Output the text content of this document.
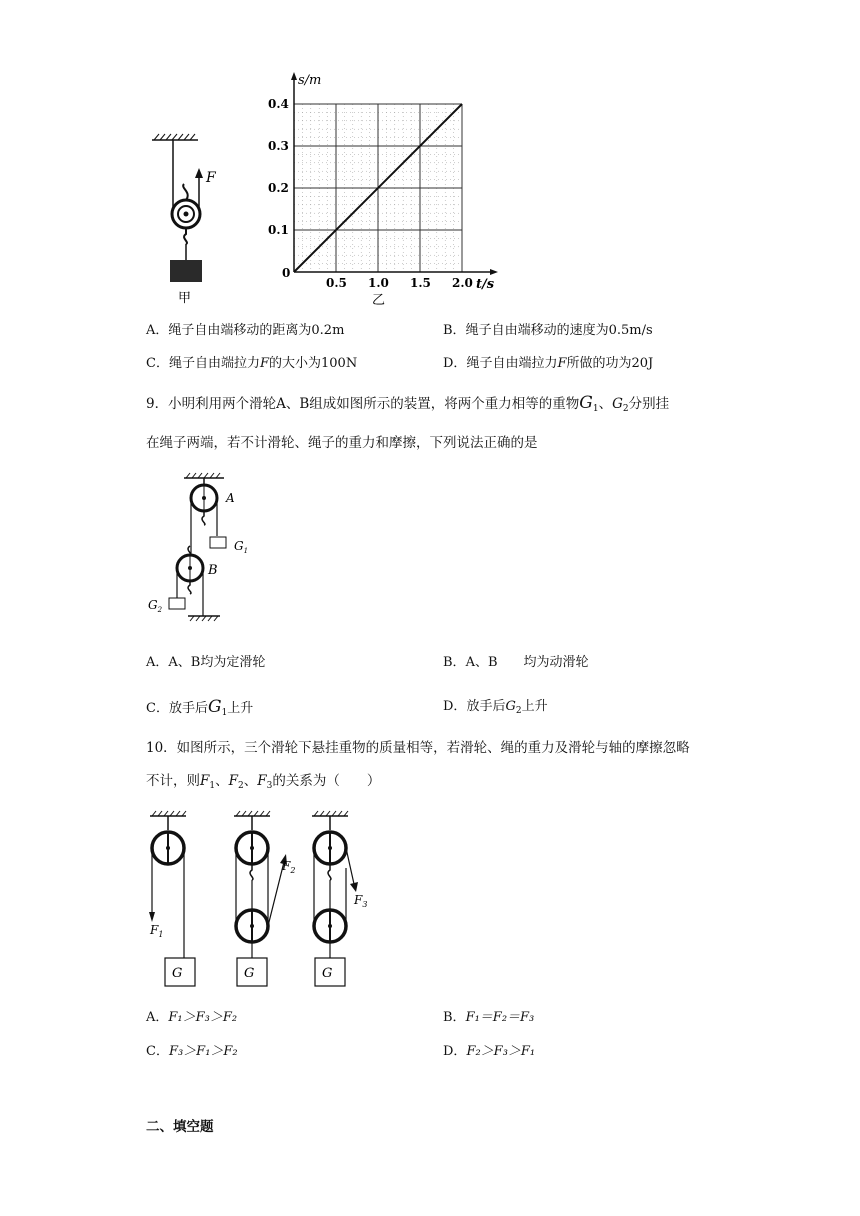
F
甲
0.5 1.0 1.5 2.0
0.1
0.2
0.3
0.4
0
s/m
t/s
乙
A．绳子自由端移动的距离为0.2m	B．绳子自由端移动的速度为0.5m/s
C．绳子自由端拉力F的大小为100N	D．绳子自由端拉力F所做的功为20J
9．小明利用两个滑轮A、B组成如图所示的装置，将两个重力相等的重物$G_1$、$G_2$分别挂
在绳子两端，若不计滑轮、绳子的重力和摩擦，下列说法正确的是
A
B
$G_1$
$G_2$
A．A、B均为定滑轮	B．A、B　　均为动滑轮
C．放手后$G_1$上升	D．放手后$G_2$上升
10．如图所示，三个滑轮下悬挂重物的质量相等，若滑轮、绳的重力及滑轮与轴的摩擦忽略
不计，则$F_1$、$F_2$、$F_3$的关系为（　　）
G
$F_1$
G
$F_2$
G
$F_3$
A．F₁＞F₃＞F₂	B．F₁＝F₂＝F₃
C．F₃＞F₁＞F₂	D．F₂＞F₃＞F₁
二、填空题
